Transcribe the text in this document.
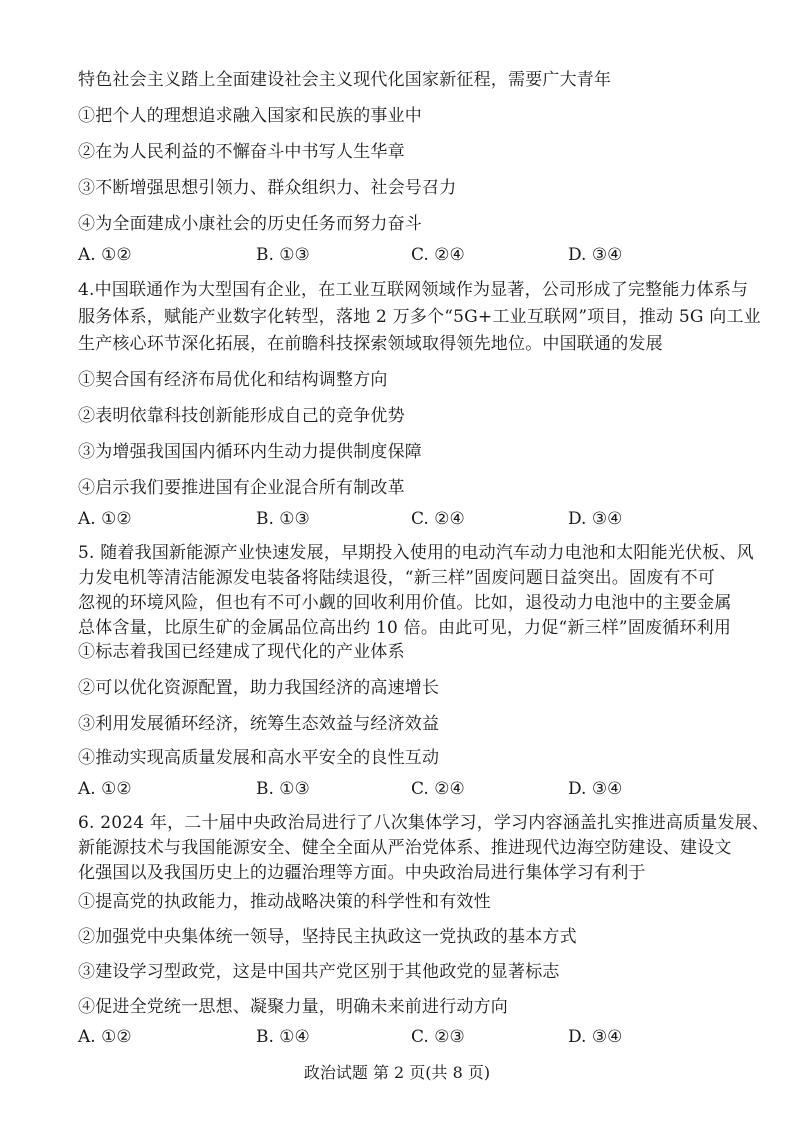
特色社会主义踏上全面建设社会主义现代化国家新征程，需要广大青年
①把个人的理想追求融入国家和民族的事业中
②在为人民利益的不懈奋斗中书写人生华章
③不断增强思想引领力、群众组织力、社会号召力
④为全面建成小康社会的历史任务而努力奋斗
A. ①②	B. ①③	C. ②④	D. ③④
4.中国联通作为大型国有企业，在工业互联网领域作为显著，公司形成了完整能力体系与
服务体系，赋能产业数字化转型，落地 2 万多个“5G+工业互联网”项目，推动 5G 向工业
生产核心环节深化拓展，在前瞻科技探索领域取得领先地位。中国联通的发展
①契合国有经济布局优化和结构调整方向
②表明依靠科技创新能形成自己的竞争优势
③为增强我国国内循环内生动力提供制度保障
④启示我们要推进国有企业混合所有制改革
A. ①②	B. ①③	C. ②④	D. ③④
5. 随着我国新能源产业快速发展，早期投入使用的电动汽车动力电池和太阳能光伏板、风
力发电机等清洁能源发电装备将陆续退役，“新三样”固废问题日益突出。固废有不可
忽视的环境风险，但也有不可小觑的回收利用价值。比如，退役动力电池中的主要金属
总体含量，比原生矿的金属品位高出约 10 倍。由此可见，力促“新三样”固废循环利用
①标志着我国已经建成了现代化的产业体系
②可以优化资源配置，助力我国经济的高速增长
③利用发展循环经济，统筹生态效益与经济效益
④推动实现高质量发展和高水平安全的良性互动
A. ①②	B. ①③	C. ②④	D. ③④
6. 2024 年，二十届中央政治局进行了八次集体学习，学习内容涵盖扎实推进高质量发展、
新能源技术与我国能源安全、健全全面从严治党体系、推进现代边海空防建设、建设文
化强国以及我国历史上的边疆治理等方面。中央政治局进行集体学习有利于
①提高党的执政能力，推动战略决策的科学性和有效性
②加强党中央集体统一领导，坚持民主执政这一党执政的基本方式
③建设学习型政党，这是中国共产党区别于其他政党的显著标志
④促进全党统一思想、凝聚力量，明确未来前进行动方向
A. ①②	B. ①④	C. ②③	D. ③④
政治试题 第 2 页(共 8 页)
